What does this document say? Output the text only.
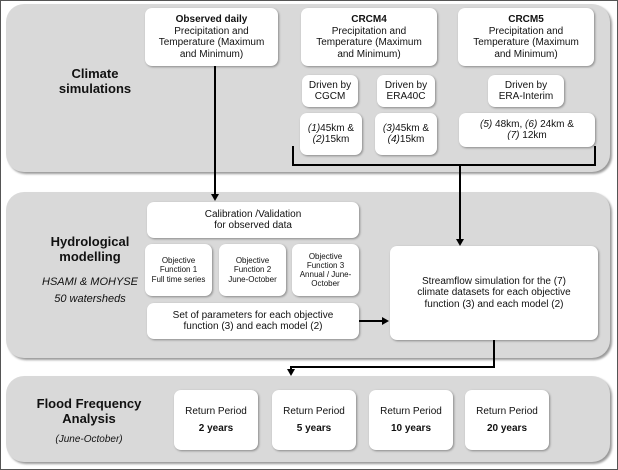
Climate
simulations
Hydrological
modelling
HSAMI & MOHYSE
50 watersheds
Flood Frequency
Analysis
(June-October)
Observed daily
Precipitation and
Temperature (Maximum
and Minimum)
CRCM4
Precipitation and
Temperature (Maximum
and Minimum)
Driven by
CGCM
Driven by
ERA40C
(1)45km &
(2)15km
(3)45km &
(4)15km
CRCM5
Precipitation and
Temperature (Maximum
and Minimum)
Driven by
ERA-Interim
(5) 48km, (6) 24km &
(7) 12km
Calibration /Validation
for observed data
Objective
Function 1
Full time series
Objective
Function 2
June-October
Objective
Function 3
Annual / June-
October
Set of parameters for each objective
function (3) and each model (2)
Streamflow simulation for the (7)
climate datasets for each objective
function (3) and each model (2)
Return Period
2 years
Return Period
5 years
Return Period
10 years
Return Period
20 years
